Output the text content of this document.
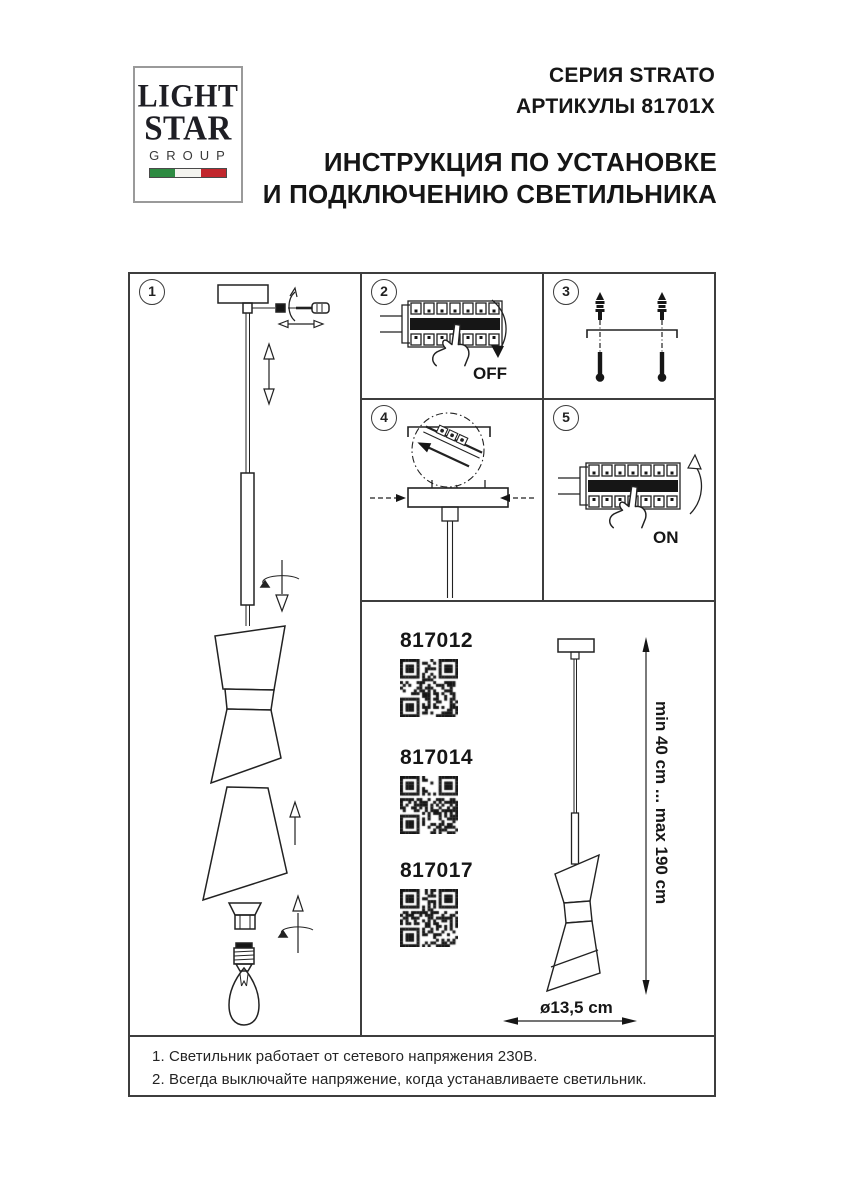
LIGHT
STAR
GROUP
СЕРИЯ STRATO
АРТИКУЛЫ 81701X
ИНСТРУКЦИЯ ПО УСТАНОВКЕ
И ПОДКЛЮЧЕНИЮ СВЕТИЛЬНИКА
1	2
OFF
3
4	5
ON
817012
817014
817017	min 40 cm ... max 190 cm
ø13,5 cm
1. Светильник работает от сетевого напряжения 230В.
2. Всегда выключайте напряжение, когда устанавливаете светильник.
